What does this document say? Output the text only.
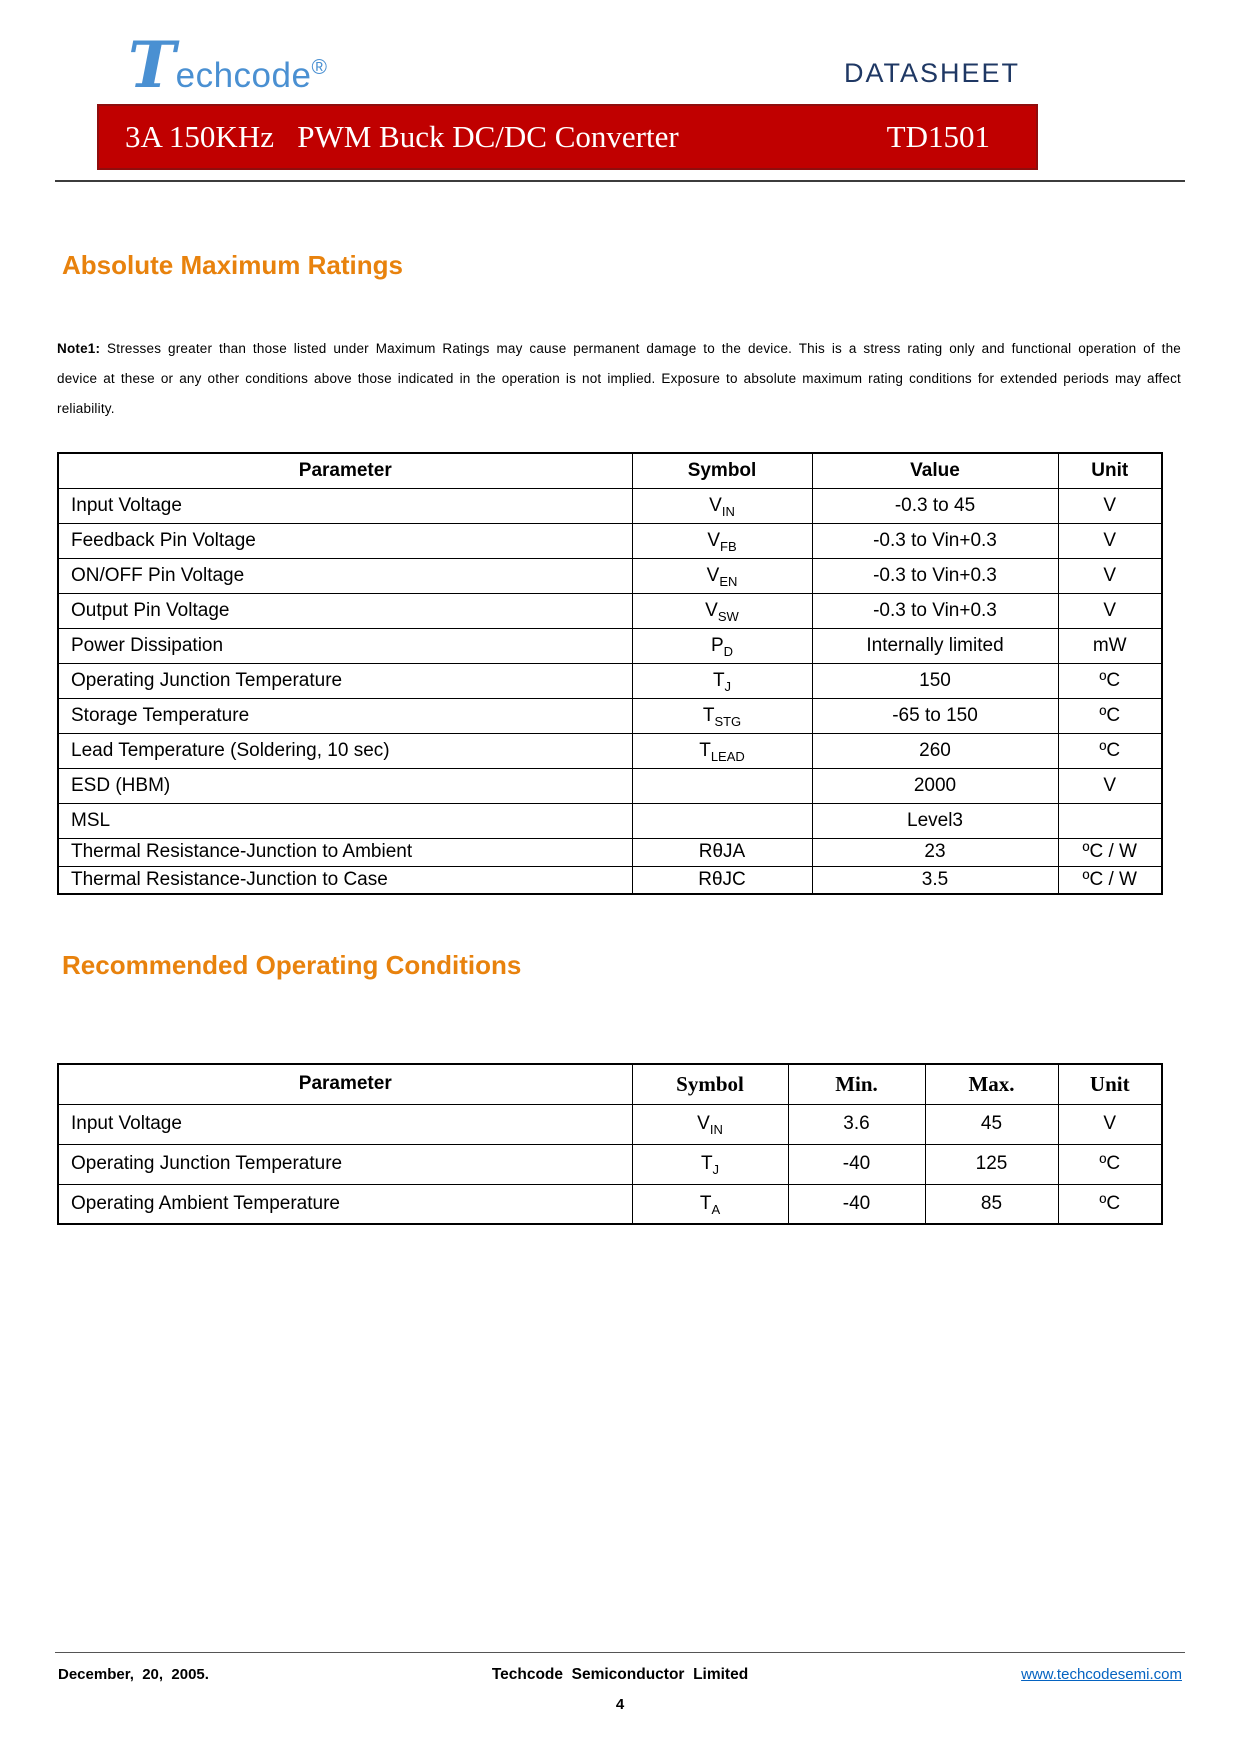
Techcode®	DATASHEET
3A 150KHz   PWM Buck DC/DC Converter	TD1501
Absolute Maximum Ratings

Note1: Stresses greater than those listed under Maximum Ratings may cause permanent damage to the device. This is a stress rating only and functional operation of the device at these or any other conditions above those indicated in the operation is not implied. Exposure to absolute maximum rating conditions for extended periods may affect reliability.

Parameter	Symbol	Value	Unit
Input Voltage	$V_{IN}$	-0.3 to 45	V
Feedback Pin Voltage	$V_{FB}$	-0.3 to Vin+0.3	V
ON/OFF Pin Voltage	$V_{EN}$	-0.3 to Vin+0.3	V
Output Pin Voltage	$V_{SW}$	-0.3 to Vin+0.3	V
Power Dissipation	$P_D$	Internally limited	mW
Operating Junction Temperature	$T_J$	150	ºC
Storage Temperature	$T_{STG}$	-65 to 150	ºC
Lead Temperature (Soldering, 10 sec)	$T_{LEAD}$	260	ºC
ESD (HBM)		2000	V
MSL		Level3	
Thermal Resistance-Junction to Ambient	RθJA	23	ºC / W
Thermal Resistance-Junction to Case	RθJC	3.5	ºC / W
Recommended Operating Conditions
Parameter	Symbol	Min.	Max.	Unit
Input Voltage	$V_{IN}$	3.6	45	V
Operating Junction Temperature	$T_J$	-40	125	ºC
Operating Ambient Temperature	$T_A$	-40	85	ºC
December,  20,  2005.	Techcode  Semiconductor  Limited	www.techcodesemi.com
4
